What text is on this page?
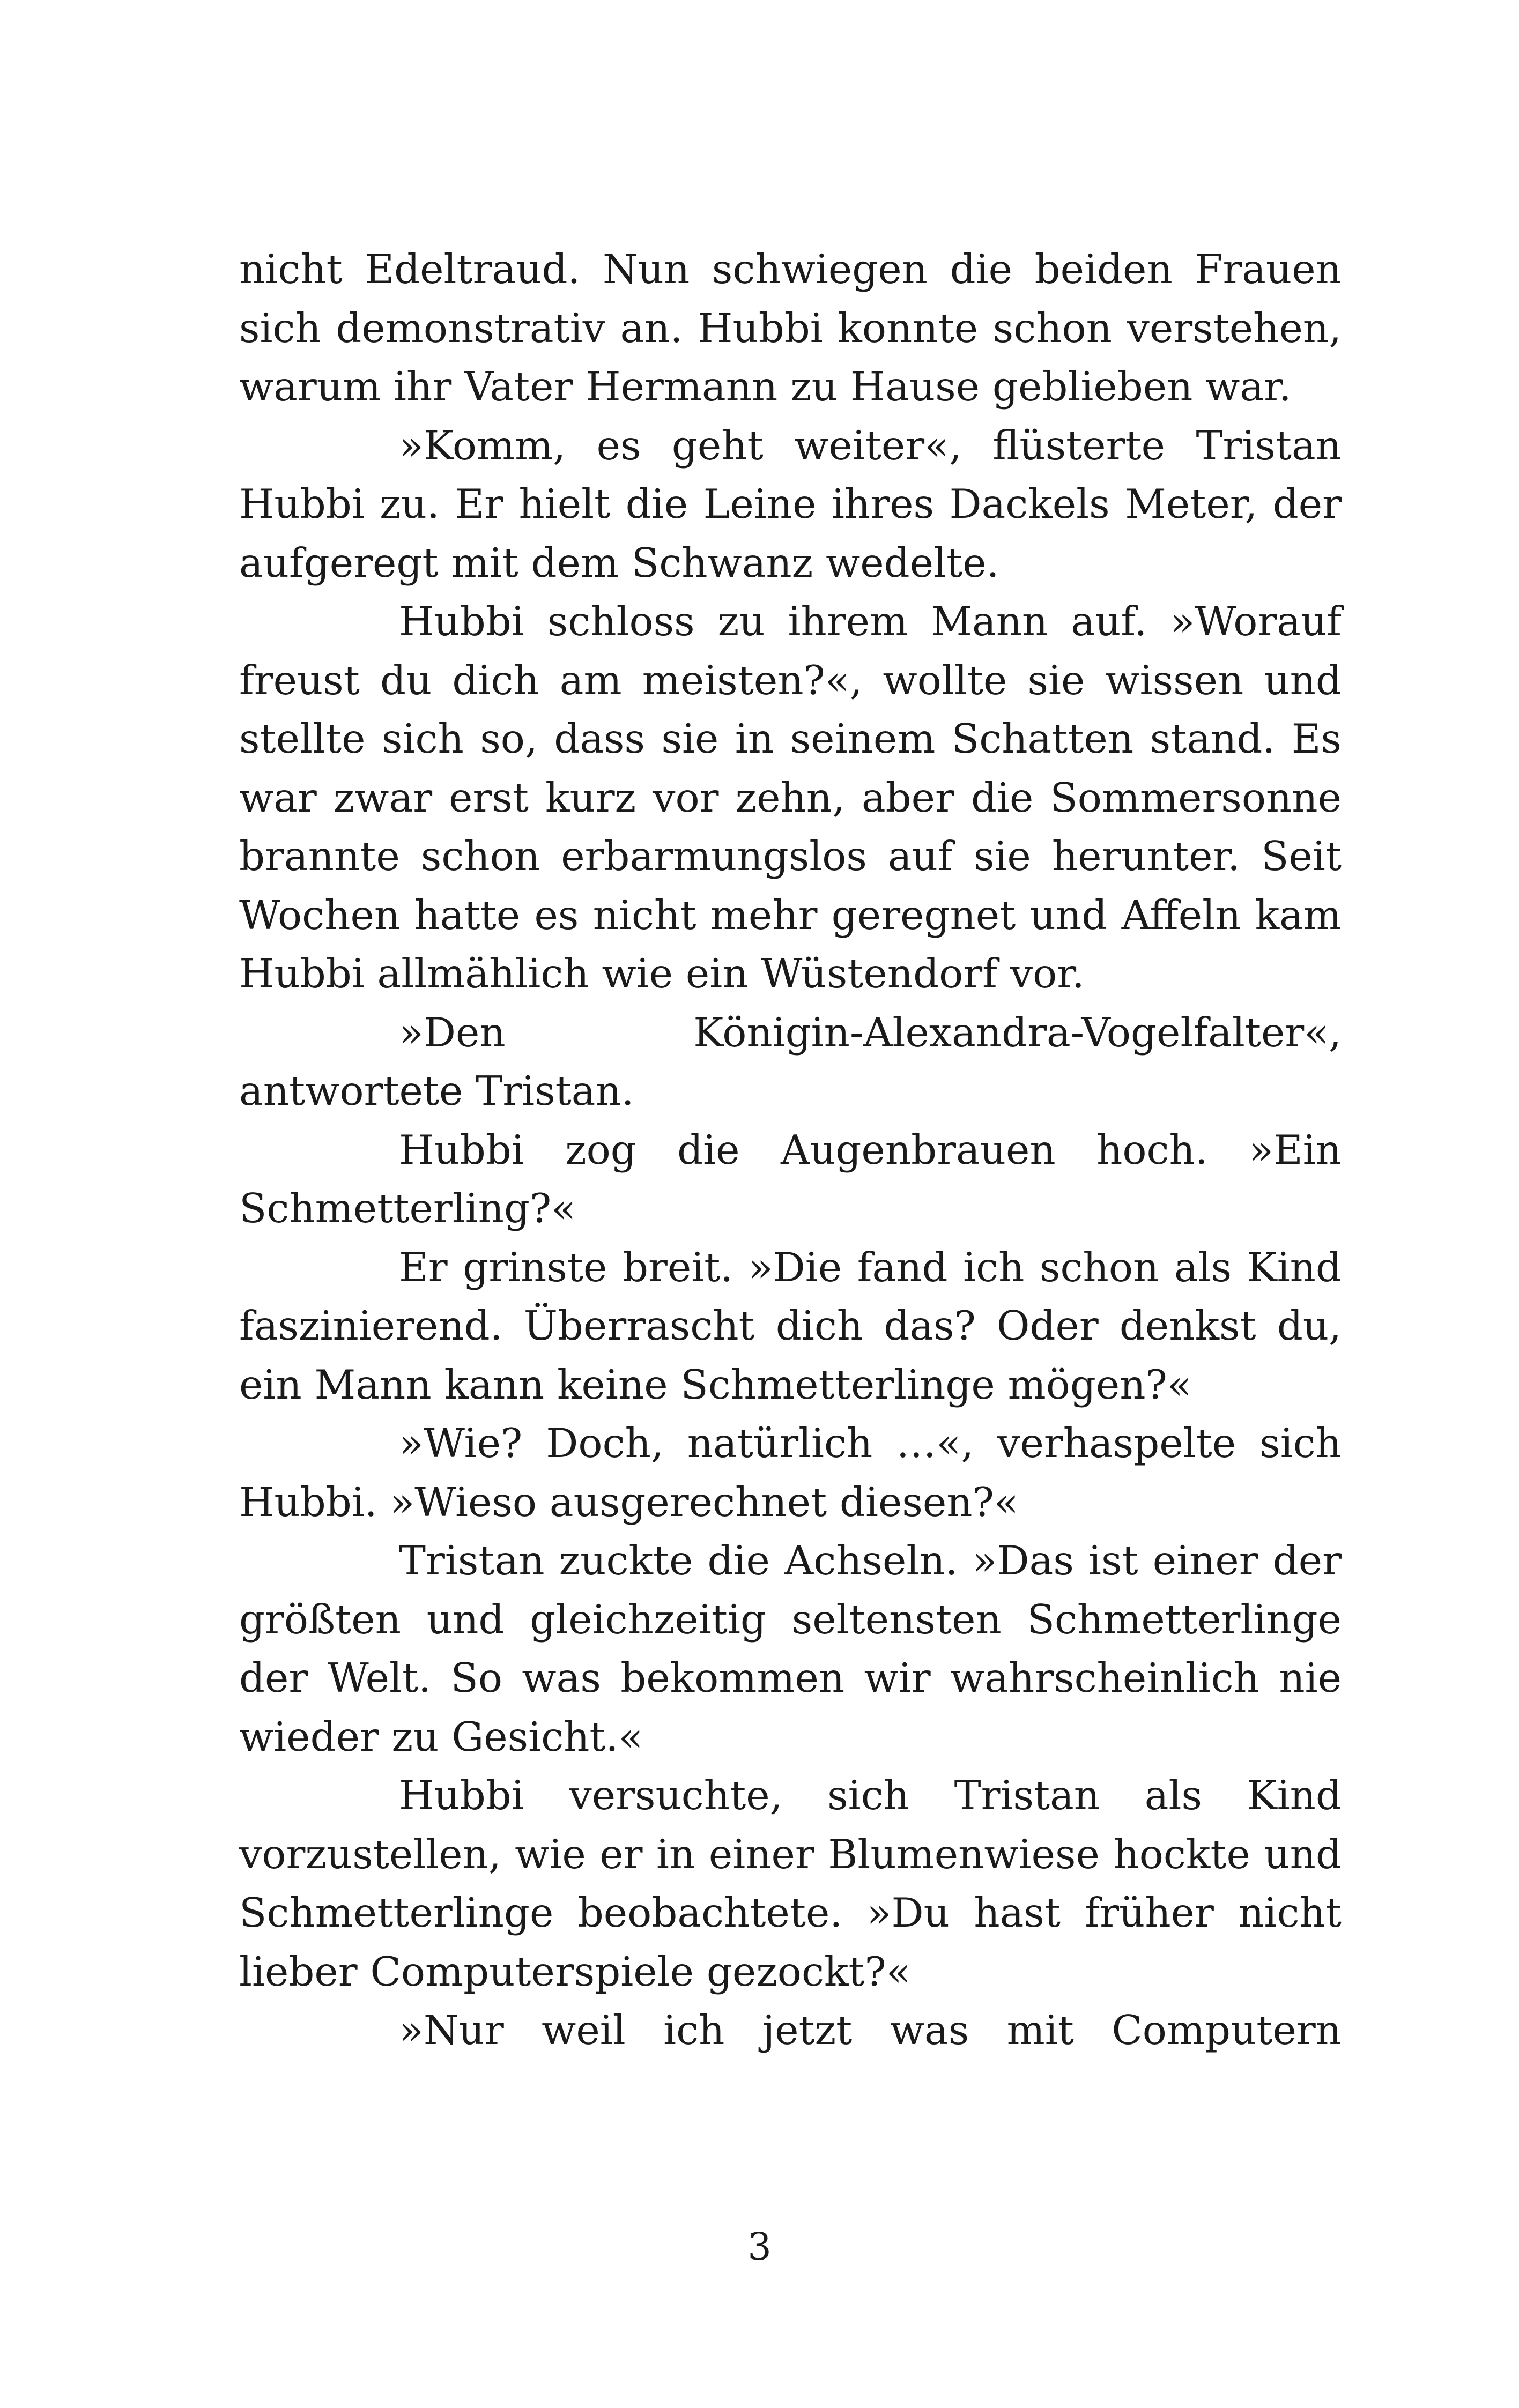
nicht Edeltraud. Nun schwiegen die beiden Frauen
sich demonstrativ an. Hubbi konnte schon verstehen,
warum ihr Vater Hermann zu Hause geblieben war.
»Komm, es geht weiter«, flüsterte Tristan
Hubbi zu. Er hielt die Leine ihres Dackels Meter, der
aufgeregt mit dem Schwanz wedelte.
Hubbi schloss zu ihrem Mann auf. »Worauf
freust du dich am meisten?«, wollte sie wissen und
stellte sich so, dass sie in seinem Schatten stand. Es
war zwar erst kurz vor zehn, aber die Sommersonne
brannte schon erbarmungslos auf sie herunter. Seit
Wochen hatte es nicht mehr geregnet und Affeln kam
Hubbi allmählich wie ein Wüstendorf vor.
»Den Königin-Alexandra-Vogelfalter«,
antwortete Tristan.
Hubbi zog die Augenbrauen hoch. »Ein
Schmetterling?«
Er grinste breit. »Die fand ich schon als Kind
faszinierend. Überrascht dich das? Oder denkst du,
ein Mann kann keine Schmetterlinge mögen?«
»Wie? Doch, natürlich …«, verhaspelte sich
Hubbi. »Wieso ausgerechnet diesen?«
Tristan zuckte die Achseln. »Das ist einer der
größten und gleichzeitig seltensten Schmetterlinge
der Welt. So was bekommen wir wahrscheinlich nie
wieder zu Gesicht.«
Hubbi versuchte, sich Tristan als Kind
vorzustellen, wie er in einer Blumenwiese hockte und
Schmetterlinge beobachtete. »Du hast früher nicht
lieber Computerspiele gezockt?«
»Nur weil ich jetzt was mit Computern
3
